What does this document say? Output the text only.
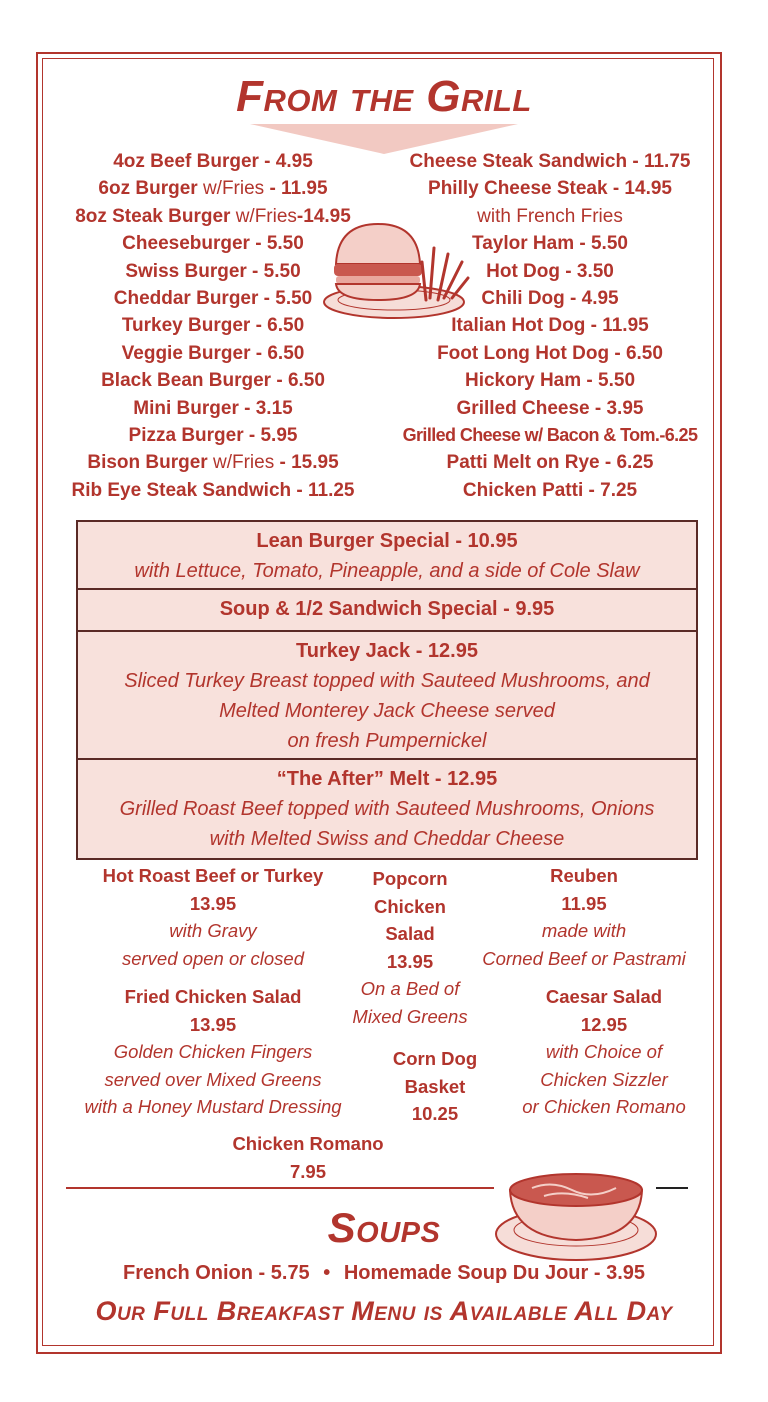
From the Grill
4oz Beef Burger - 4.95
6oz Burger w/Fries - 11.95
8oz Steak Burger w/Fries-14.95
Cheeseburger - 5.50
Swiss Burger - 5.50
Cheddar Burger - 5.50
Turkey Burger - 6.50
Veggie Burger - 6.50
Black Bean Burger - 6.50
Mini Burger - 3.15
Pizza Burger - 5.95
Bison Burger w/Fries - 15.95
Rib Eye Steak Sandwich - 11.25
Cheese Steak Sandwich - 11.75
Philly Cheese Steak - 14.95
with French Fries
Taylor Ham - 5.50
Hot Dog - 3.50
Chili Dog - 4.95
Italian Hot Dog - 11.95
Foot Long Hot Dog - 6.50
Hickory Ham - 5.50
Grilled Cheese - 3.95
Grilled Cheese w/ Bacon & Tom.-6.25
Patti Melt on Rye - 6.25
Chicken Patti - 7.25
Lean Burger Special - 10.95
with Lettuce, Tomato, Pineapple, and a side of Cole Slaw
Soup & 1/2 Sandwich Special - 9.95
Turkey Jack - 12.95
Sliced Turkey Breast topped with Sauteed Mushrooms, and
Melted Monterey Jack Cheese served
on fresh Pumpernickel
“The After” Melt - 12.95
Grilled Roast Beef topped with Sauteed Mushrooms, Onions
with Melted Swiss and Cheddar Cheese
Hot Roast Beef or Turkey
13.95
with Gravy
served open or closed
Fried Chicken Salad
13.95
Golden Chicken Fingers
served over Mixed Greens
with a Honey Mustard Dressing
Chicken Romano
7.95
Popcorn
Chicken
Salad
13.95
On a Bed of
Mixed Greens
Corn Dog
Basket
10.25
Reuben
11.95
made with
Corned Beef or Pastrami
Caesar Salad
12.95
with Choice of
Chicken Sizzler
or Chicken Romano
Soups
French Onion - 5.75 • Homemade Soup Du Jour - 3.95
Our Full Breakfast Menu is Available All Day
